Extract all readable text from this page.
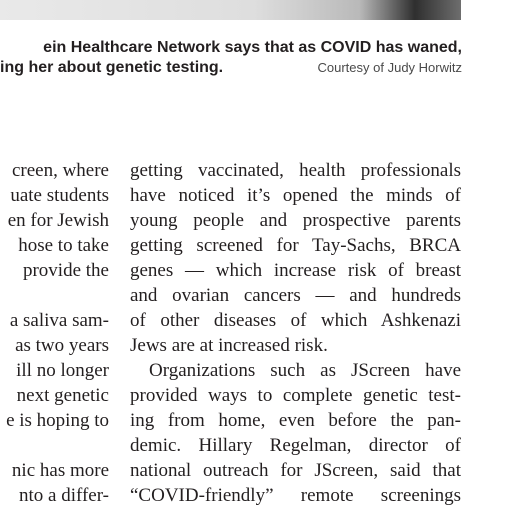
ein Healthcare Network says that as COVID has waned,
ing her about genetic testing.	Courtesy of Judy Horwitz
creen, where
uate students
en for Jewish
hose to take
provide the
a saliva sam-
as two years
ill no longer
next genetic
e is hoping to
nic has more
nto a differ-
getting vaccinated, health professionals
have noticed it’s opened the minds of
young people and prospective parents
getting screened for Tay-Sachs, BRCA
genes — which increase risk of breast
and ovarian cancers — and hundreds
of other diseases of which Ashkenazi
Jews are at increased risk.
Organizations such as JScreen have
provided ways to complete genetic test-
ing from home, even before the pan-
demic. Hillary Regelman, director of
national outreach for JScreen, said that
“COVID-friendly” remote screenings
